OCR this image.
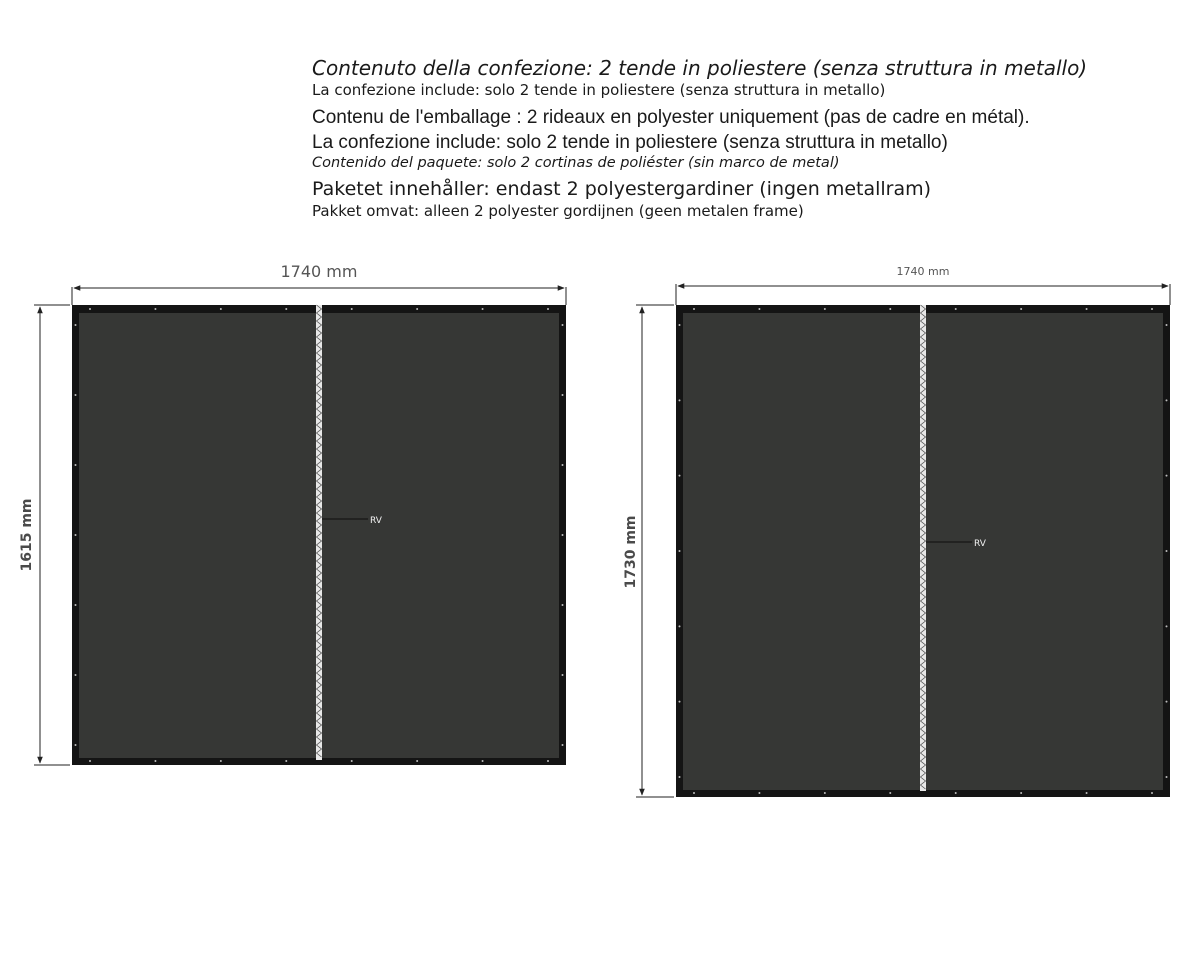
Contenuto della confezione: 2 tende in poliestere (senza struttura in metallo)
La confezione include: solo 2 tende in poliestere (senza struttura in metallo)
Contenu de l'emballage : 2 rideaux en polyester uniquement (pas de cadre en métal).
La confezione include: solo 2 tende in poliestere (senza struttura in metallo)
Contenido del paquete: solo 2 cortinas de poliéster (sin marco de metal)
Paketet innehåller: endast 2 polyestergardiner (ingen metallram)
Pakket omvat: alleen 2 polyester gordijnen (geen metalen frame)
1740 mm
1615 mm	RV
1740 mm
1730 mm	RV
